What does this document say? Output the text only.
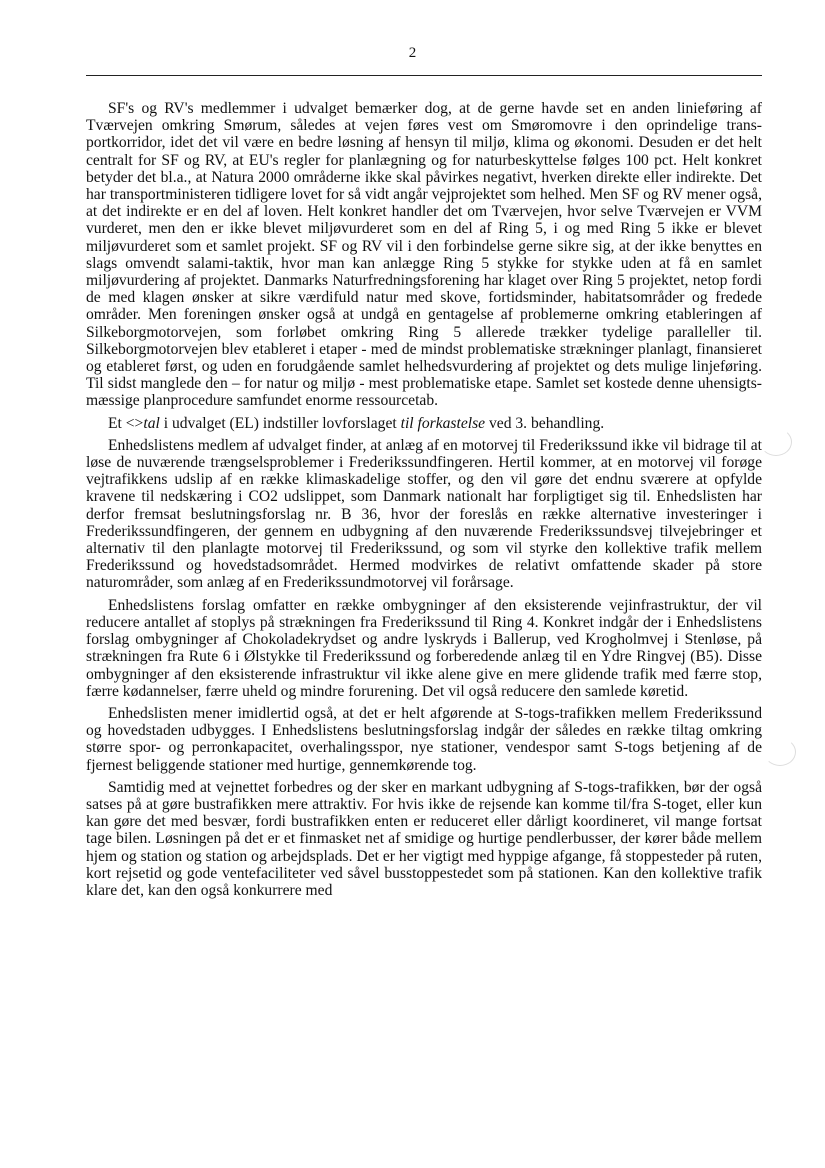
2

SF's og RV's medlemmer i udvalget bemærker dog, at de gerne havde set en anden linieføring af Tværvejen omkring Smørum, således at vejen føres vest om Smøromovre i den oprindelige transportkorridor, idet det vil være en bedre løsning af hensyn til miljø, klima og økonomi. Desuden er det helt centralt for SF og RV, at EU's regler for planlægning og for naturbeskyttelse følges 100 pct. Helt konkret betyder det bl.a., at Natura 2000 områderne ikke skal påvirkes negativt, hverken direkte eller indirekte. Det har transportministeren tidligere lovet for så vidt angår vejprojektet som helhed. Men SF og RV mener også, at det indirekte er en del af loven. Helt konkret handler det om Tværvejen, hvor selve Tværvejen er VVM vurderet, men den er ikke blevet miljøvurderet som en del af Ring 5, i og med Ring 5 ikke er blevet miljøvurderet som et samlet projekt. SF og RV vil i den forbindelse gerne sikre sig, at der ikke benyttes en slags omvendt salami-taktik, hvor man kan anlægge Ring 5 stykke for stykke uden at få en samlet miljøvurdering af projektet. Danmarks Naturfredningsforening har klaget over Ring 5 projektet, netop fordi de med klagen ønsker at sikre værdifuld natur med skove, fortidsminder, habitatsområder og fredede områder. Men foreningen ønsker også at undgå en gentagelse af problemerne omkring etableringen af Silkeborgmotorvejen, som forløbet omkring Ring 5 allerede trækker tydelige paralleller til. Silkeborgmotorvejen blev etableret i etaper - med de mindst problematiske strækninger planlagt, finansieret og etableret først, og uden en forudgående samlet helhedsvurdering af projektet og dets mulige linjeføring. Til sidst manglede den – for natur og miljø - mest problematiske etape. Samlet set kostede denne uhensigtsmæssige planprocedure samfundet enorme ressourcetab.

Et <>tal i udvalget (EL) indstiller lovforslaget til forkastelse ved 3. behandling.

Enhedslistens medlem af udvalget finder, at anlæg af en motorvej til Frederikssund ikke vil bidrage til at løse de nuværende trængselsproblemer i Frederikssundfingeren. Hertil kommer, at en motorvej vil forøge vejtrafikkens udslip af en række klimaskadelige stoffer, og den vil gøre det endnu sværere at opfylde kravene til nedskæring i CO2 udslippet, som Danmark nationalt har forpligtiget sig til. Enhedslisten har derfor fremsat beslutningsforslag nr. B 36, hvor der foreslås en række alternative investeringer i Frederikssundfingeren, der gennem en udbygning af den nuværende Frederikssundsvej tilvejebringer et alternativ til den planlagte motorvej til Frederikssund, og som vil styrke den kollektive trafik mellem Frederikssund og hovedstadsområdet. Hermed modvirkes de relativt omfattende skader på store naturområder, som anlæg af en Frederikssundmotorvej vil forårsage.

Enhedslistens forslag omfatter en række ombygninger af den eksisterende vejinfrastruktur, der vil reducere antallet af stoplys på strækningen fra Frederikssund til Ring 4. Konkret indgår der i Enhedslistens forslag ombygninger af Chokoladekrydset og andre lyskryds i Ballerup, ved Krogholmvej i Stenløse, på strækningen fra Rute 6 i Ølstykke til Frederikssund og forberedende anlæg til en Ydre Ringvej (B5). Disse ombygninger af den eksisterende infrastruktur vil ikke alene give en mere glidende trafik med færre stop, færre kødannelser, færre uheld og mindre forurening. Det vil også reducere den samlede køretid.

Enhedslisten mener imidlertid også, at det er helt afgørende at S-togs-trafikken mellem Frederikssund og hovedstaden udbygges. I Enhedslistens beslutningsforslag indgår der således en række tiltag omkring større spor- og perronkapacitet, overhalingsspor, nye stationer, vendespor samt S-togs betjening af de fjernest beliggende stationer med hurtige, gennemkørende tog.

Samtidig med at vejnettet forbedres og der sker en markant udbygning af S-togs-trafikken, bør der også satses på at gøre bustrafikken mere attraktiv. For hvis ikke de rejsende kan komme til/fra S-toget, eller kun kan gøre det med besvær, fordi bustrafikken enten er reduceret eller dårligt koordineret, vil mange fortsat tage bilen. Løsningen på det er et finmasket net af smidige og hurtige pendlerbusser, der kører både mellem hjem og station og station og arbejdsplads. Det er her vigtigt med hyppige afgange, få stoppesteder på ruten, kort rejsetid og gode ventefaciliteter ved såvel busstoppestedet som på stationen. Kan den kollektive trafik klare det, kan den også konkurrere med
